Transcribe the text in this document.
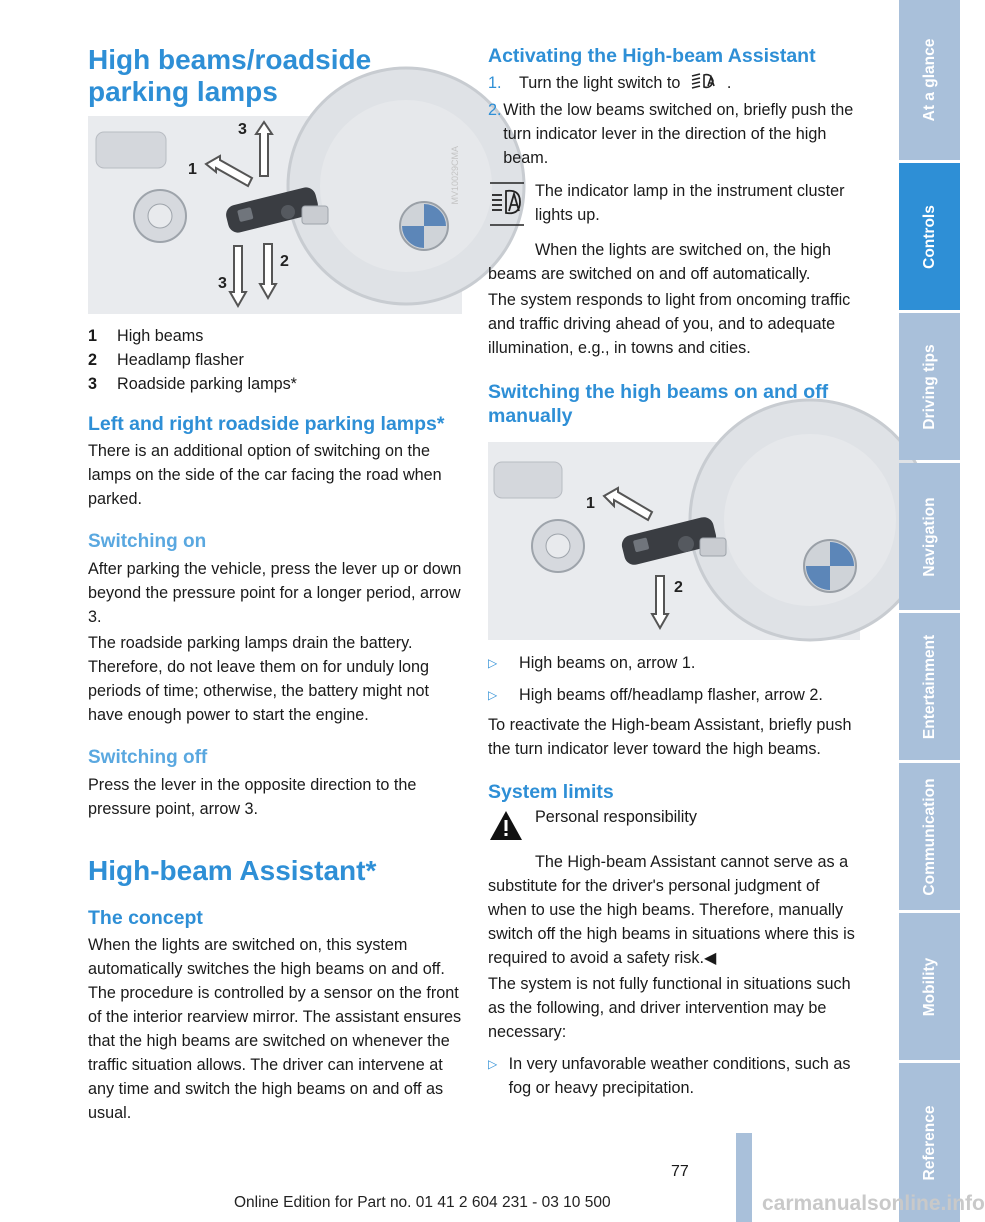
High beams/roadside parking lamps
3
1
2
3
MV10029CMA
1	High beams
2	Headlamp flasher
3	Roadside parking lamps*
Left and right roadside parking lamps*

There is an additional option of switching on the lamps on the side of the car facing the road when parked.

Switching on

After parking the vehicle, press the lever up or down beyond the pressure point for a longer period, arrow 3.

The roadside parking lamps drain the battery. Therefore, do not leave them on for unduly long periods of time; otherwise, the battery might not have enough power to start the engine.

Switching off

Press the lever in the opposite direction to the pressure point, arrow 3.

High-beam Assistant*
The concept

When the lights are switched on, this system automatically switches the high beams on and off. The procedure is controlled by a sensor on the front of the interior rearview mirror. The assistant ensures that the high beams are switched on whenever the traffic situation allows. The driver can intervene at any time and switch the high beams on and off as usual.

Activating the High-beam Assistant
1.	Turn the light switch to	.
2. With the low beams switched on, briefly push the turn indicator lever in the direction of the high beam.

The indicator lamp in the instrument cluster lights up.

When the lights are switched on, the high beams are switched on and off automatically.

The system responds to light from oncoming traffic and traffic driving ahead of you, and to adequate illumination, e.g., in towns and cities.

Switching the high beams on and off manually
1
2
▷	High beams on, arrow 1.
▷	High beams off/headlamp flasher, arrow 2.

To reactivate the High-beam Assistant, briefly push the turn indicator lever toward the high beams.

System limits

Personal responsibility

The High-beam Assistant cannot serve as a substitute for the driver's personal judgment of when to use the high beams. Therefore, manually switch off the high beams in situations where this is required to avoid a safety risk.◀

The system is not fully functional in situations such as the following, and driver intervention may be necessary:

▷ In very unfavorable weather conditions, such as fog or heavy precipitation.
At a glance
Controls
Driving tips
Navigation
Entertainment
Communication
Mobility
Reference
77
Online Edition for Part no. 01 41 2 604 231 - 03 10 500	carmanualsonline.info
